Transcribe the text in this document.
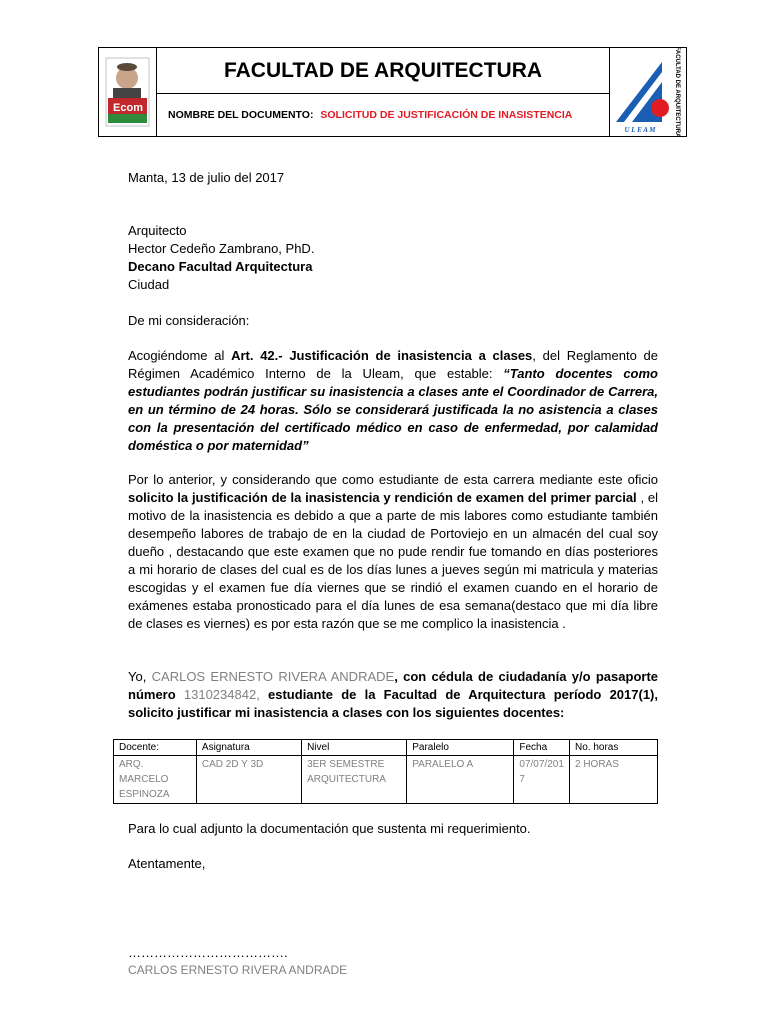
Ecom
FACULTAD DE ARQUITECTURA
NOMBRE DEL DOCUMENTO: SOLICITUD DE JUSTIFICACIÓN DE INASISTENCIA	FACULTAD DE ARQUITECTURA
U L E A M
Manta, 13 de julio del 2017
Arquitecto
Hector Cedeño Zambrano, PhD.
Decano Facultad Arquitectura
Ciudad
De mi consideración:
Acogiéndome al Art. 42.- Justificación de inasistencia a clases, del Reglamento de Régimen Académico Interno de la Uleam, que estable: “Tanto docentes como estudiantes podrán justificar su inasistencia a clases ante el Coordinador de Carrera, en un término de 24 horas. Sólo se considerará justificada la no asistencia a clases con la presentación del certificado médico en caso de enfermedad, por calamidad doméstica o por maternidad”
Por lo anterior, y considerando que como estudiante de esta carrera mediante este oficio solicito la justificación de la inasistencia y rendición de examen del primer parcial , el motivo de la inasistencia es debido a que a parte de mis labores como estudiante también desempeño labores de trabajo de en la ciudad de Portoviejo en un almacén del cual soy dueño , destacando que este examen que no pude rendir fue tomando en días posteriores a mi horario de clases del cual es de los días lunes a jueves según mi matricula y materias escogidas y el examen fue día viernes que se rindió el examen cuando en el horario de exámenes estaba pronosticado para el día lunes de esa semana(destaco que mi día libre de clases es viernes) es por esta razón que se me complico la inasistencia .
Yo, CARLOS ERNESTO RIVERA ANDRADE, con cédula de ciudadanía y/o pasaporte número 1310234842, estudiante de la Facultad de Arquitectura período 2017(1), solicito justificar mi inasistencia a clases con los siguientes docentes:
Docente:	Asignatura	Nivel	Paralelo	Fecha	No. horas
ARQ. MARCELO ESPINOZA	CAD 2D Y 3D	3ER SEMESTRE ARQUITECTURA	PARALELO A	07/07/2017	2 HORAS
Para lo cual adjunto la documentación que sustenta mi requerimiento.
Atentamente,
……………………………….
CARLOS ERNESTO RIVERA ANDRADE
